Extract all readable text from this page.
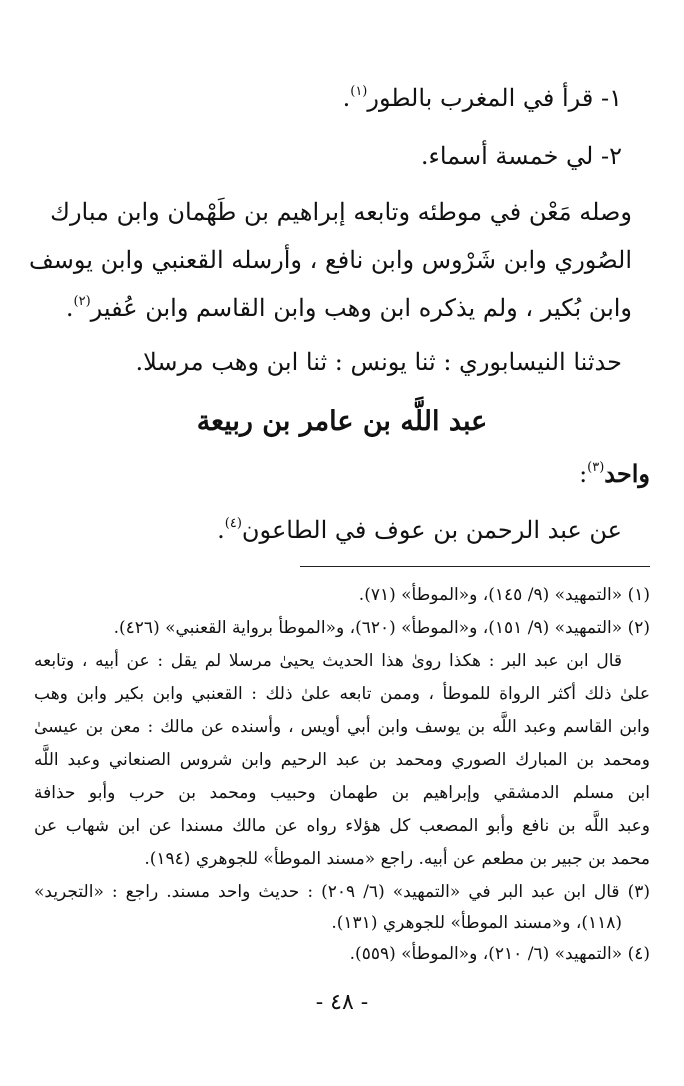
١- قرأ في المغرب بالطور$^{(١)}$.
٢- لي خمسة أسماء.
وصله مَعْن في موطئه وتابعه إبراهيم بن طَهْمان وابن مبارك
الصُوري وابن شَرْوس وابن نافع ، وأرسله القعنبي وابن يوسف
وابن بُكير ، ولم يذكره ابن وهب وابن القاسم وابن عُفير$^{(٢)}$.
حدثنا النيسابوري : ثنا يونس : ثنا ابن وهب مرسلا.
عبد اللَّه بن عامر بن ربيعة
واحد$^{(٣)}$:
عن عبد الرحمن بن عوف في الطاعون$^{(٤)}$.
(١) «التمهيد» (٩/ ١٤٥)، و«الموطأ» (٧١).
(٢) «التمهيد» (٩/ ١٥١)، و«الموطأ» (٦٢٠)، و«الموطأ برواية القعنبي» (٤٢٦).
قال ابن عبد البر : هكذا روىٰ هذا الحديث يحيىٰ مرسلا لم يقل : عن أبيه ، وتابعه
علىٰ ذلك أكثر الرواة للموطأ ، وممن تابعه علىٰ ذلك : القعنبي وابن بكير وابن وهب
وابن القاسم وعبد اللَّه بن يوسف وابن أبي أويس ، وأسنده عن مالك : معن بن عيسىٰ
ومحمد بن المبارك الصوري ومحمد بن عبد الرحيم وابن شروس الصنعاني وعبد اللَّه
ابن مسلم الدمشقي وإبراهيم بن طهمان وحبيب ومحمد بن حرب وأبو حذافة
وعبد اللَّه بن نافع وأبو المصعب كل هؤلاء رواه عن مالك مسندا عن ابن شهاب عن
محمد بن جبير بن مطعم عن أبيه. راجع «مسند الموطأ» للجوهري (١٩٤).
(٣) قال ابن عبد البر في «التمهيد» (٦/ ٢٠٩) : حديث واحد مسند. راجع : «التجريد»
(١١٨)، و«مسند الموطأ» للجوهري (١٣١).
(٤) «التمهيد» (٦/ ٢١٠)، و«الموطأ» (٥٥٩).
- ٤٨ -
